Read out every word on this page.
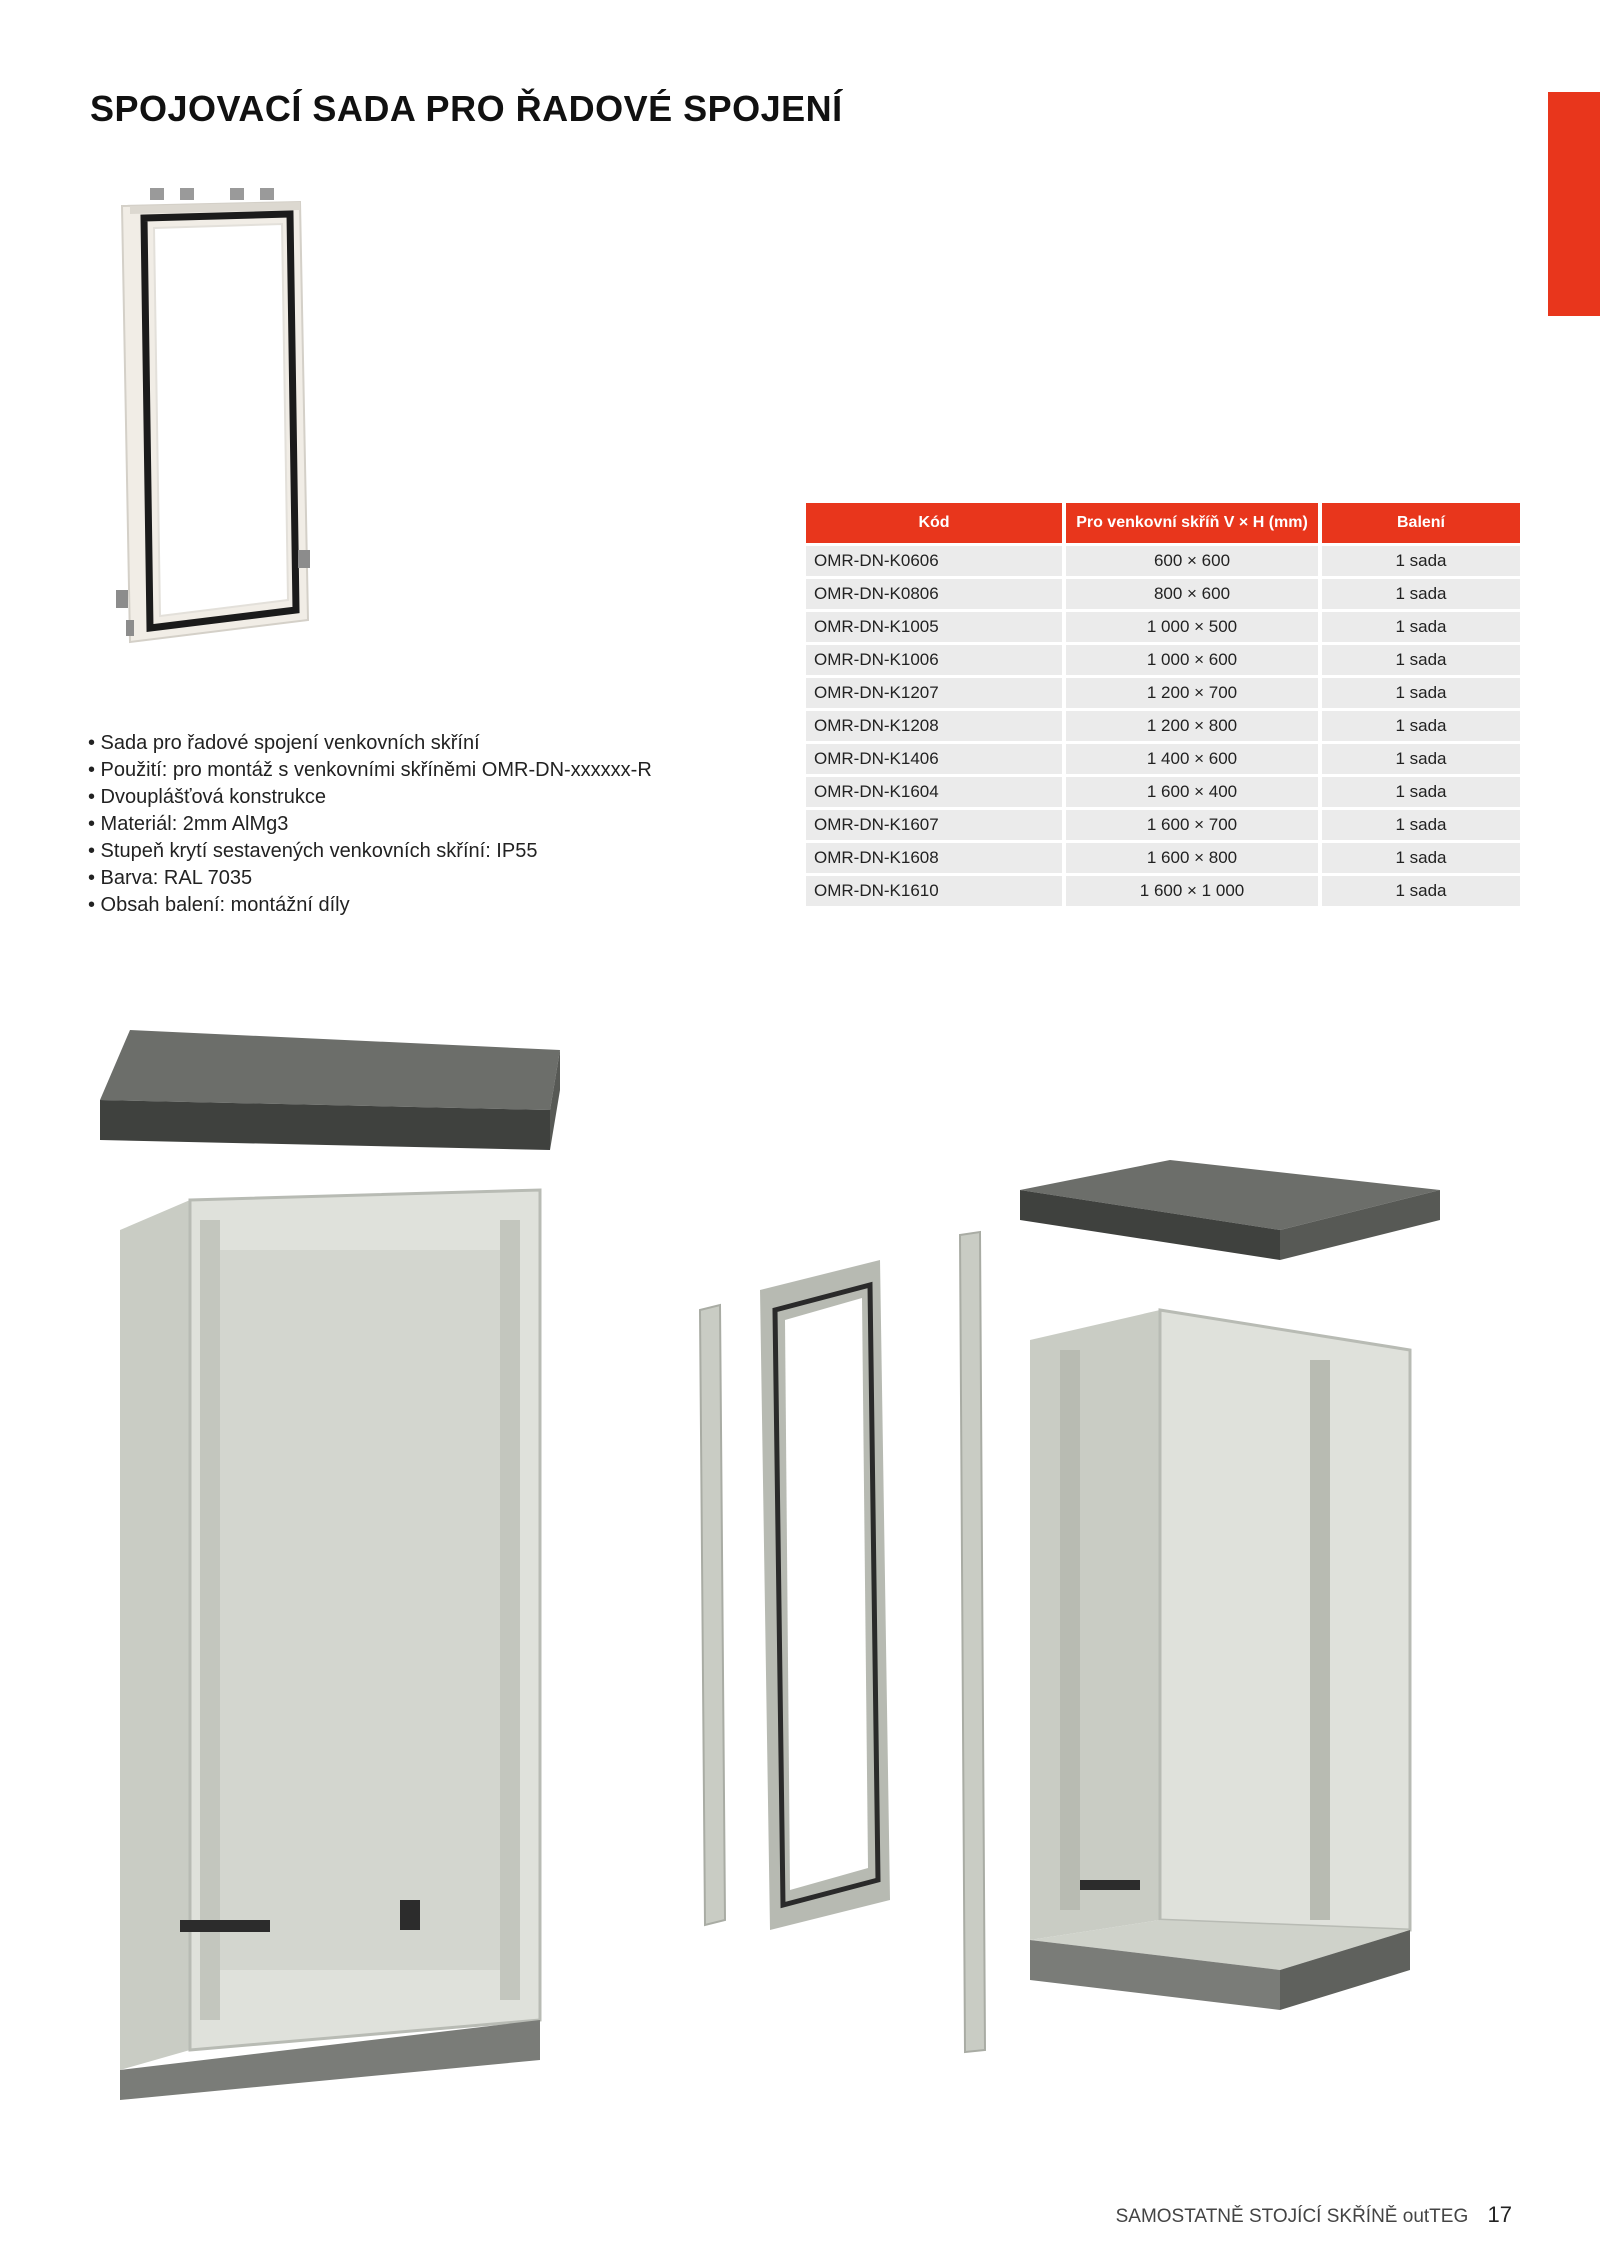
SPOJOVACÍ SADA PRO ŘADOVÉ SPOJENÍ
• Sada pro řadové spojení venkovních skříní
• Použití: pro montáž s venkovními skříněmi OMR-DN-xxxxxx-R
• Dvouplášťová konstrukce
• Materiál: 2mm AlMg3
• Stupeň krytí sestavených venkovních skříní: IP55
• Barva: RAL 7035
• Obsah balení: montážní díly
Kód	Pro venkovní skříň V × H (mm)	Balení
OMR-DN-K0606	600 × 600	1 sada
OMR-DN-K0806	800 × 600	1 sada
OMR-DN-K1005	1 000 × 500	1 sada
OMR-DN-K1006	1 000 × 600	1 sada
OMR-DN-K1207	1 200 × 700	1 sada
OMR-DN-K1208	1 200 × 800	1 sada
OMR-DN-K1406	1 400 × 600	1 sada
OMR-DN-K1604	1 600 × 400	1 sada
OMR-DN-K1607	1 600 × 700	1 sada
OMR-DN-K1608	1 600 × 800	1 sada
OMR-DN-K1610	1 600 × 1 000	1 sada
SAMOSTATNĚ STOJÍCÍ SKŘÍNĚ outTEG 17
